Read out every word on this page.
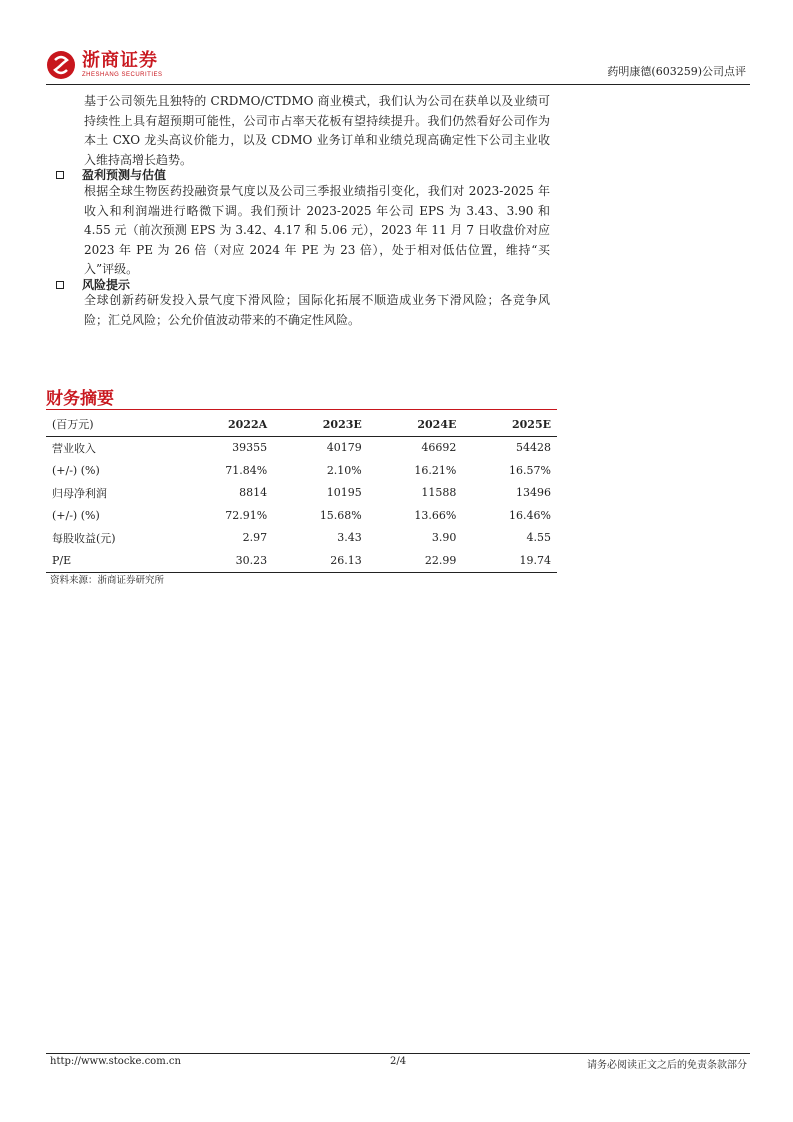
浙商证券
ZHESHANG SECURITIES	药明康德(603259)公司点评
基于公司领先且独特的 CRDMO/CTDMO 商业模式，我们认为公司在获单以及业绩可持续性上具有超预期可能性，公司市占率天花板有望持续提升。我们仍然看好公司作为本土 CXO 龙头高议价能力，以及 CDMO 业务订单和业绩兑现高确定性下公司主业收入维持高增长趋势。
盈利预测与估值
根据全球生物医药投融资景气度以及公司三季报业绩指引变化，我们对 2023-2025 年收入和利润端进行略微下调。我们预计 2023-2025 年公司 EPS 为 3.43、3.90 和 4.55 元（前次预测 EPS 为 3.42、4.17 和 5.06 元），2023 年 11 月 7 日收盘价对应 2023 年 PE 为 26 倍（对应 2024 年 PE 为 23 倍），处于相对低估位置，维持“买入”评级。
风险提示
全球创新药研发投入景气度下滑风险；国际化拓展不顺造成业务下滑风险；各竞争风险；汇兑风险；公允价值波动带来的不确定性风险。
财务摘要
(百万元)	2022A	2023E	2024E	2025E
营业收入	39355	40179	46692	54428
(+/-) (%)	71.84%	2.10%	16.21%	16.57%
归母净利润	8814	10195	11588	13496
(+/-) (%)	72.91%	15.68%	13.66%	16.46%
每股收益(元)	2.97	3.43	3.90	4.55
P/E	30.23	26.13	22.99	19.74
资料来源：浙商证券研究所
http://www.stocke.com.cn	2/4	请务必阅读正文之后的免责条款部分
